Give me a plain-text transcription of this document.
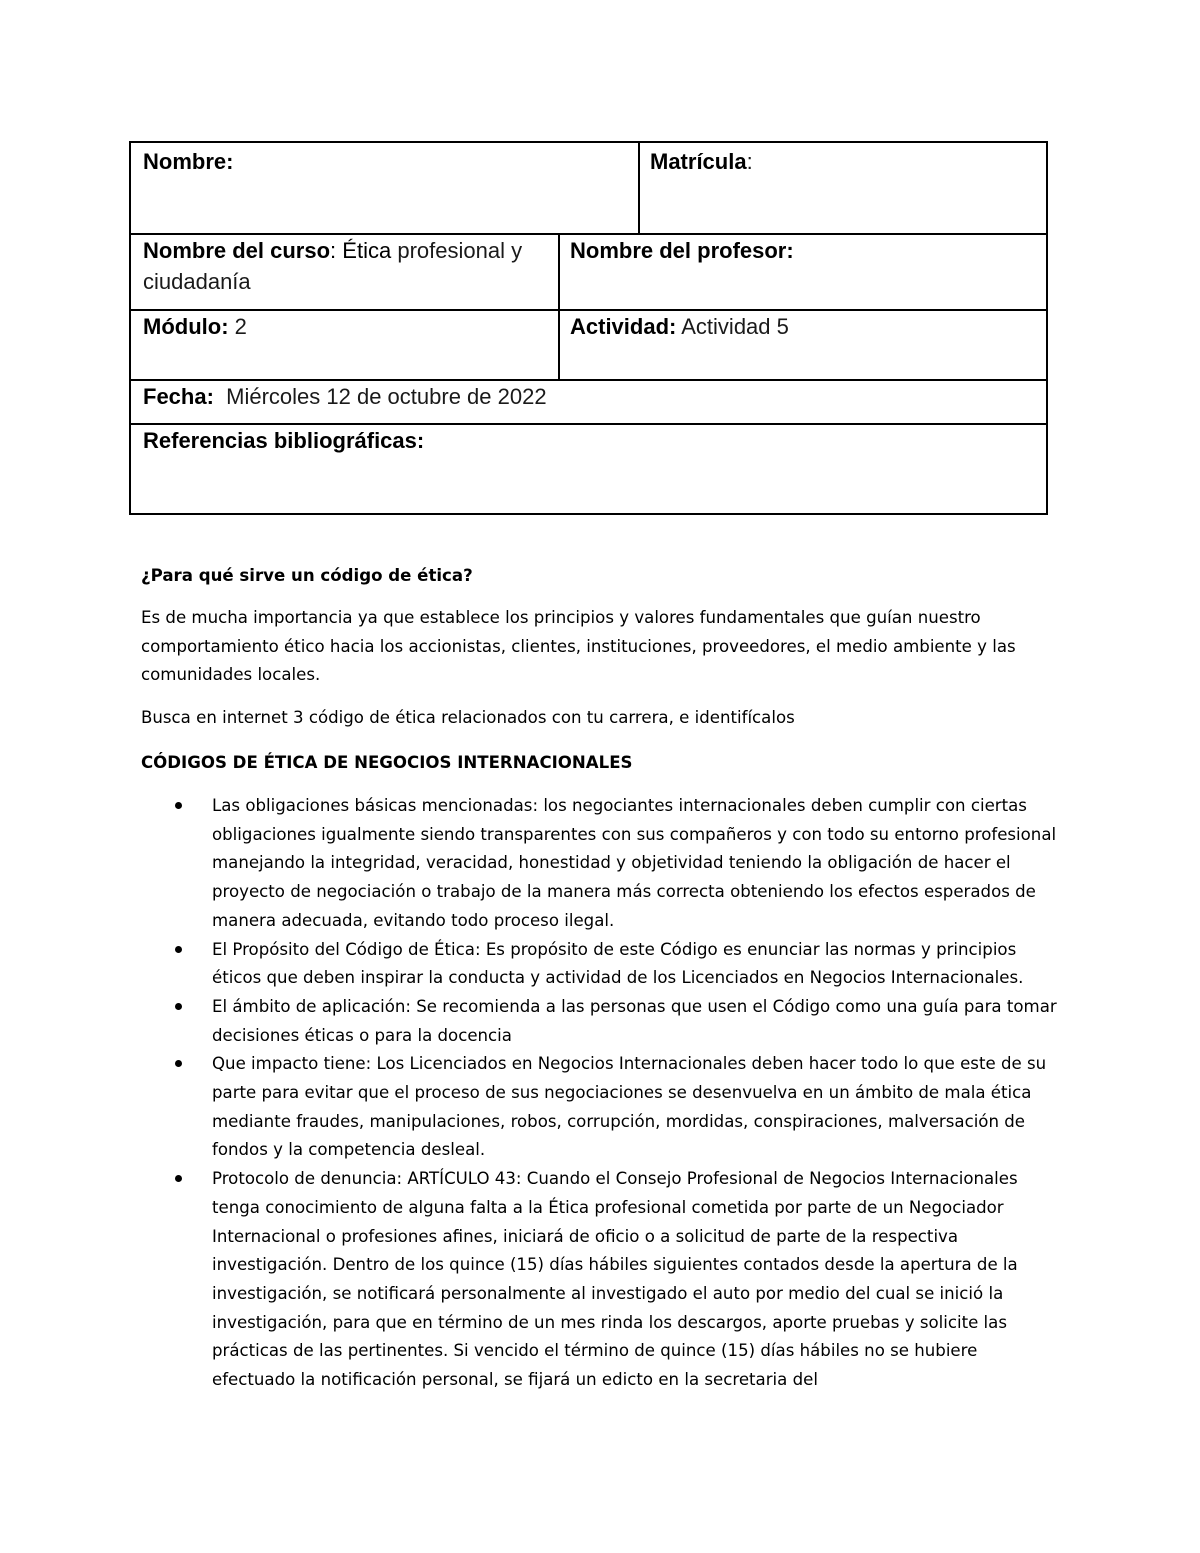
Nombre:	Matrícula:
Nombre del curso: Ética profesional y ciudadanía
Nombre del profesor:
Módulo: 2	Actividad: Actividad 5
Fecha:  Miércoles 12 de octubre de 2022
Referencias bibliográficas:
¿Para qué sirve un código de ética?
Es de mucha importancia ya que establece los principios y valores fundamentales que guían nuestro comportamiento ético hacia los accionistas, clientes, instituciones, proveedores, el medio ambiente y las comunidades locales.
Busca en internet 3 código de ética relacionados con tu carrera, e identifícalos
CÓDIGOS DE ÉTICA DE NEGOCIOS INTERNACIONALES
Las obligaciones básicas mencionadas: los negociantes internacionales deben cumplir con ciertas obligaciones igualmente siendo transparentes con sus compañeros y con todo su entorno profesional manejando la integridad, veracidad, honestidad y objetividad teniendo la obligación de hacer el proyecto de negociación o trabajo de la manera más correcta obteniendo los efectos esperados de manera adecuada, evitando todo proceso ilegal.
El Propósito del Código de Ética: Es propósito de este Código es enunciar las normas y principios éticos que deben inspirar la conducta y actividad de los Licenciados en Negocios Internacionales.
El ámbito de aplicación: Se recomienda a las personas que usen el Código como una guía para tomar decisiones éticas o para la docencia
Que impacto tiene: Los Licenciados en Negocios Internacionales deben hacer todo lo que este de su parte para evitar que el proceso de sus negociaciones se desenvuelva en un ámbito de mala ética mediante fraudes, manipulaciones, robos, corrupción, mordidas, conspiraciones, malversación de fondos y la competencia desleal.
Protocolo de denuncia: ARTÍCULO 43: Cuando el Consejo Profesional de Negocios Internacionales tenga conocimiento de alguna falta a la Ética profesional cometida por parte de un Negociador Internacional o profesiones afines, iniciará de oficio o a solicitud de parte de la respectiva investigación. Dentro de los quince (15) días hábiles siguientes contados desde la apertura de la investigación, se notificará personalmente al investigado el auto por medio del cual se inició la investigación, para que en término de un mes rinda los descargos, aporte pruebas y solicite las prácticas de las pertinentes. Si vencido el término de quince (15) días hábiles no se hubiere efectuado la notificación personal, se fijará un edicto en la secretaria del
